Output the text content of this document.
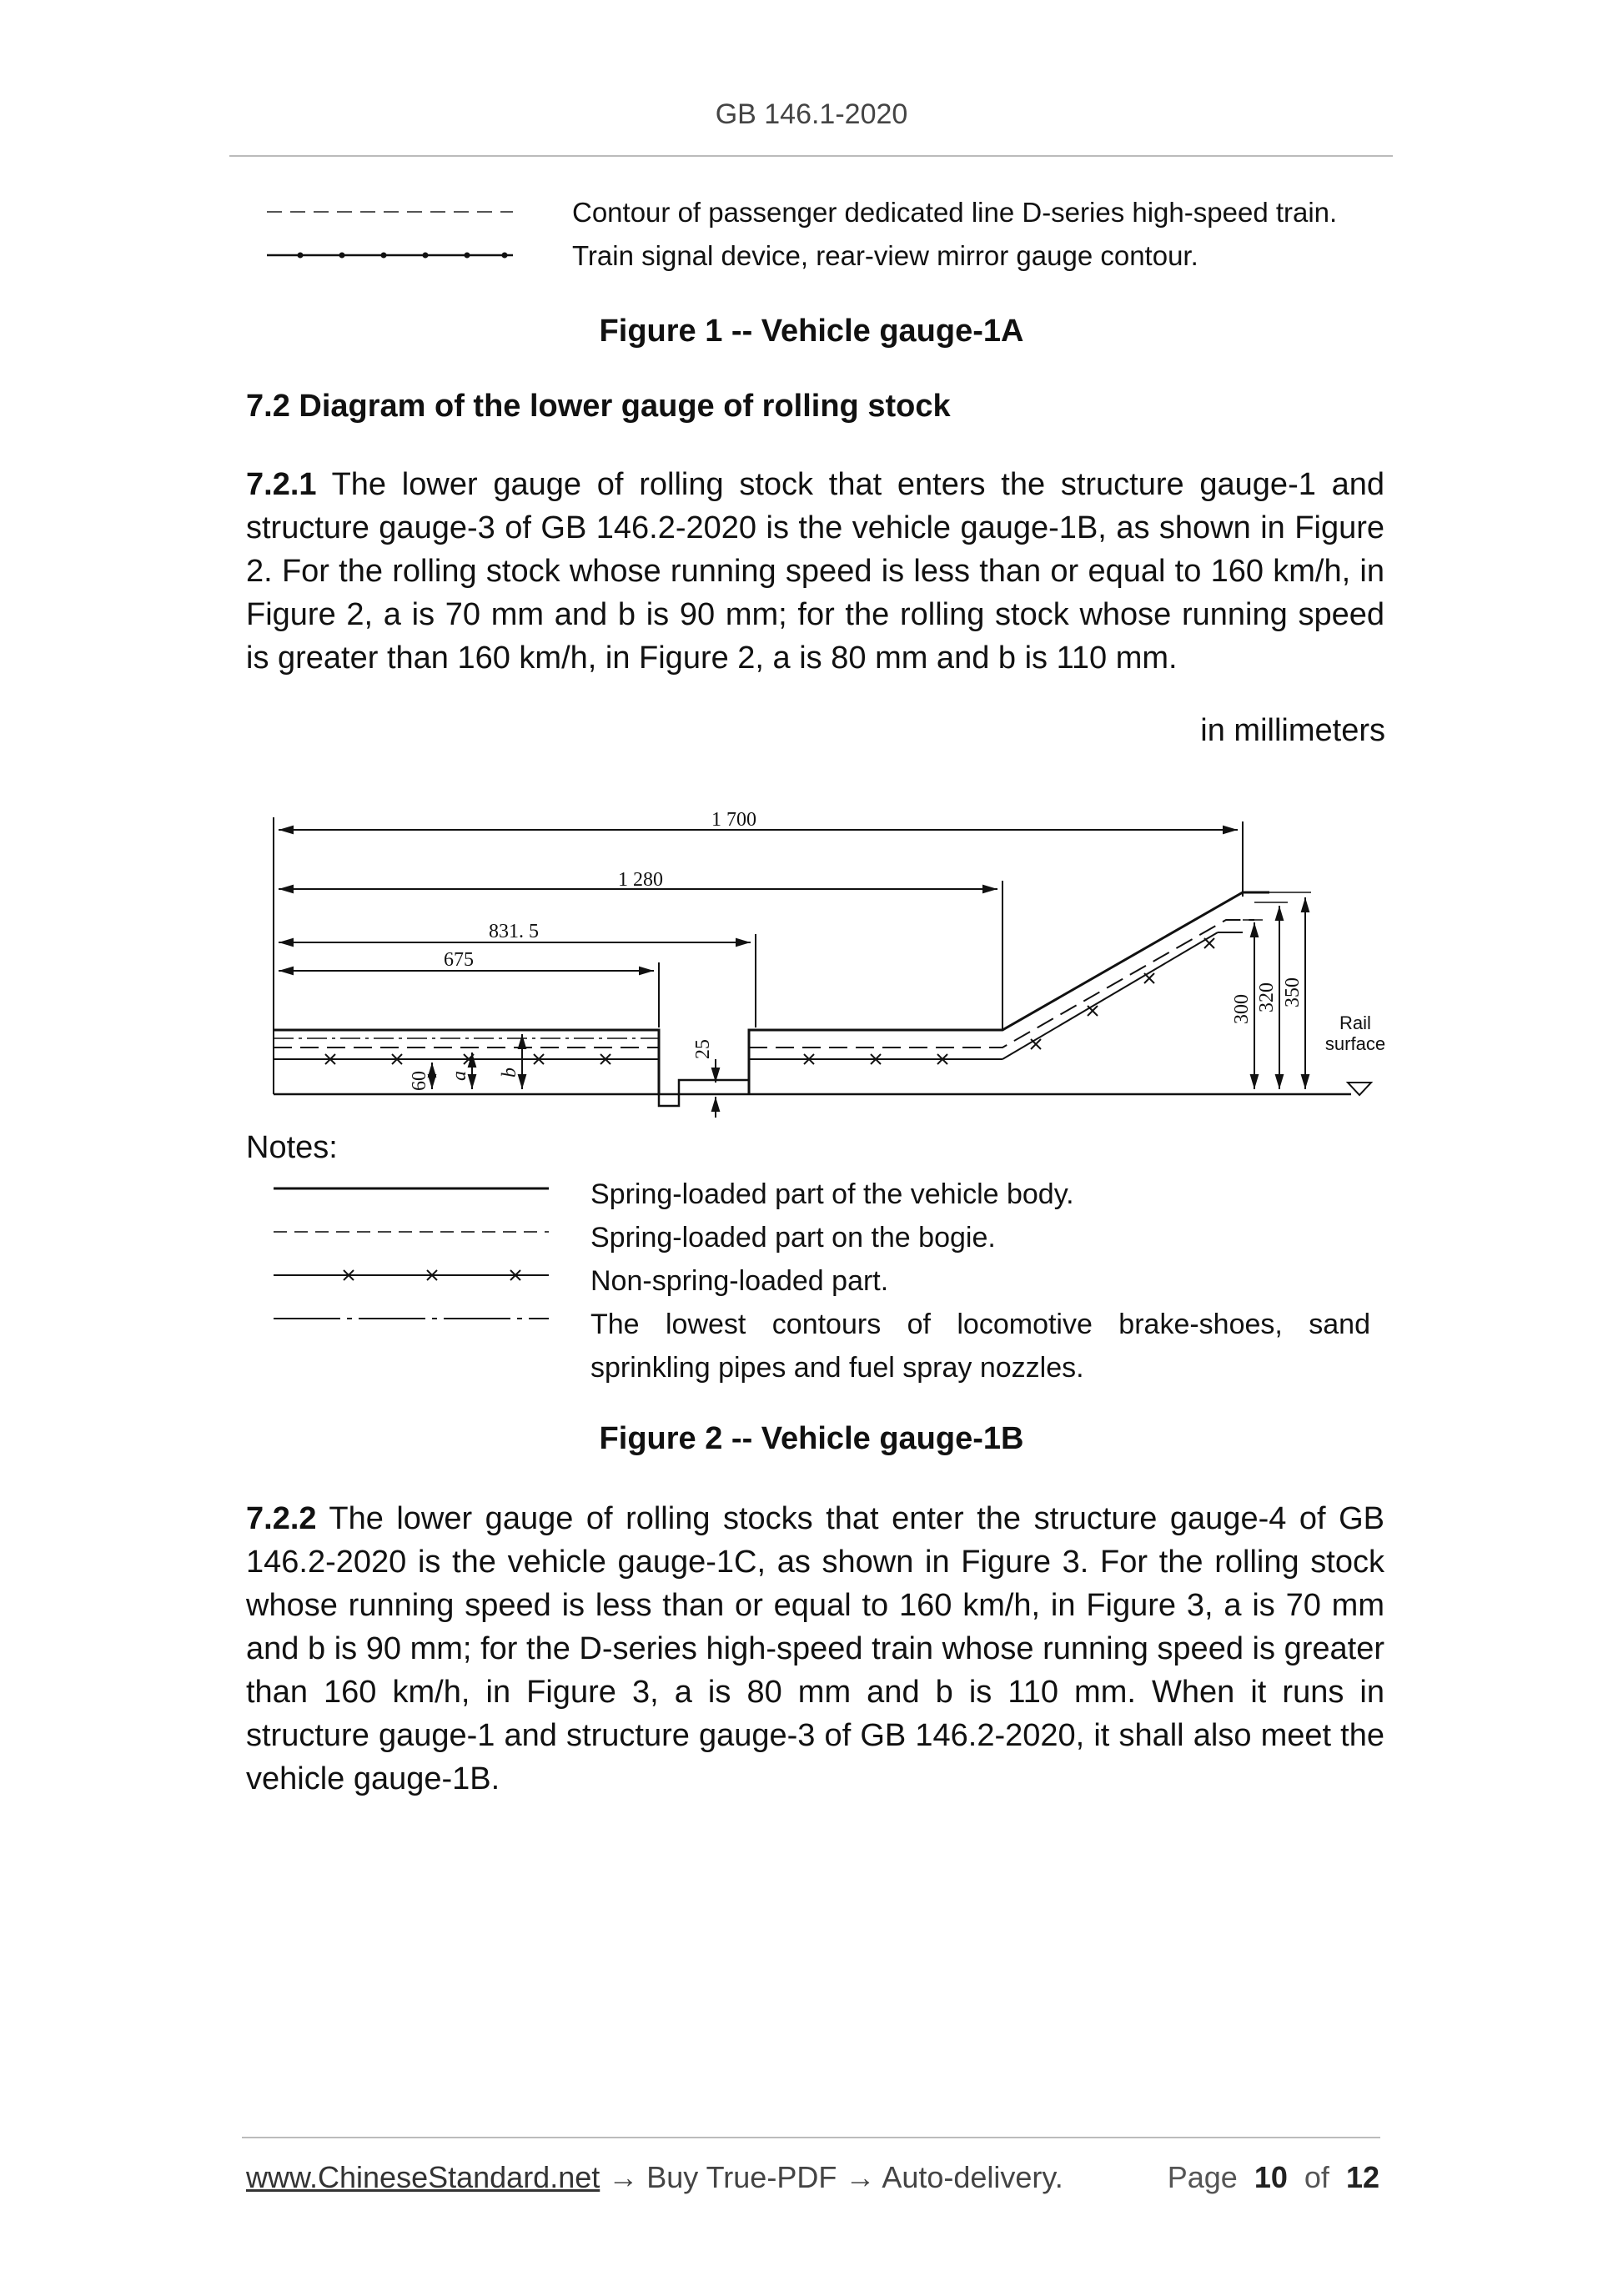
GB 146.1-2020
Contour of passenger dedicated line D-series high-speed train.
Train signal device, rear-view mirror gauge contour.
Figure 1 -- Vehicle gauge-1A
7.2 Diagram of the lower gauge of rolling stock

7.2.1 The lower gauge of rolling stock that enters the structure gauge-1 and structure gauge-3 of GB 146.2-2020 is the vehicle gauge-1B, as shown in Figure 2. For the rolling stock whose running speed is less than or equal to 160 km/h, in Figure 2, a is 70 mm and b is 90 mm; for the rolling stock whose running speed is greater than 160 km/h, in Figure 2, a is 80 mm and b is 110 mm.

in millimeters
1 700
1 280
831. 5
675
60 a b
25
300 320 350
Rail
surface
Notes:
Spring-loaded part of the vehicle body.
Spring-loaded part on the bogie.
Non-spring-loaded part.
The lowest contours of locomotive brake-shoes, sand sprinkling pipes and fuel spray nozzles.
Figure 2 -- Vehicle gauge-1B

7.2.2 The lower gauge of rolling stocks that enter the structure gauge-4 of GB 146.2-2020 is the vehicle gauge-1C, as shown in Figure 3. For the rolling stock whose running speed is less than or equal to 160 km/h, in Figure 3, a is 70 mm and b is 90 mm; for the D-series high-speed train whose running speed is greater than 160 km/h, in Figure 3, a is 80 mm and b is 110 mm. When it runs in structure gauge-1 and structure gauge-3 of GB 146.2-2020, it shall also meet the vehicle gauge-1B.

www.ChineseStandard.net → Buy True-PDF → Auto-delivery.	Page 10 of 12
